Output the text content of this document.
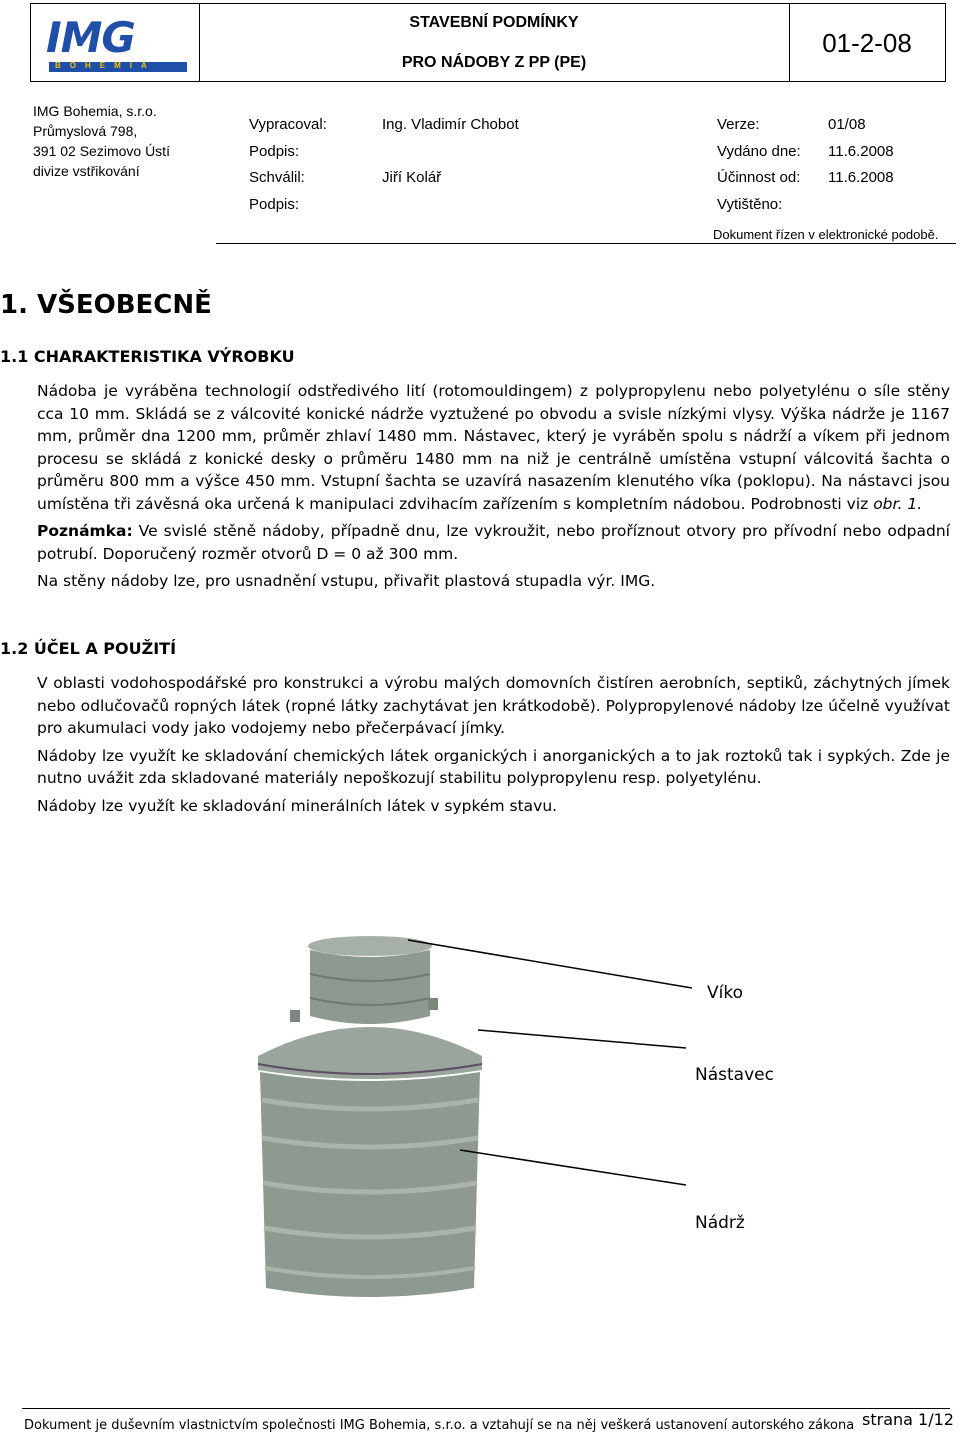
IMG
BOHEMIA
STAVEBNÍ PODMÍNKY
PRO NÁDOBY Z PP (PE)
01-2-08
IMG Bohemia, s.r.o.
Průmyslová 798,
391 02 Sezimovo Ústí
divize vstřikování
Vypracoval:
Podpis:
Schválil:
Podpis:
Ing. Vladimír Chobot

Jiří Kolář
Verze:
Vydáno dne:
Účinnost od:
Vytištěno:
01/08
11.6.2008
11.6.2008
Dokument řízen v elektronické podobě.
1. VŠEOBECNĚ
1.1 CHARAKTERISTIKA VÝROBKU

Nádoba je vyráběna technologií odstředivého lití (rotomouldingem) z polypropylenu nebo polyetylénu o síle stěny cca 10 mm. Skládá se z válcovité konické nádrže vyztužené po obvodu a svisle nízkými vlysy. Výška nádrže je 1167 mm, průměr dna 1200 mm, průměr zhlaví 1480 mm. Nástavec, který je vyráběn spolu s nádrží a víkem při jednom procesu se skládá z konické desky o průměru 1480 mm na niž je centrálně umístěna vstupní válcovitá šachta o průměru 800 mm a výšce 450 mm. Vstupní šachta se uzavírá nasazením klenutého víka (poklopu). Na nástavci jsou umístěna tři závěsná oka určená k manipulaci zdvihacím zařízením s kompletním nádobou. Podrobnosti viz obr. 1.

Poznámka: Ve svislé stěně nádoby, případně dnu, lze vykroužit, nebo proříznout otvory pro přívodní nebo odpadní potrubí. Doporučený rozměr otvorů D = 0 až 300 mm.

Na stěny nádoby lze, pro usnadnění vstupu, přivařit plastová stupadla výr. IMG.

1.2 ÚČEL A POUŽITÍ

V oblasti vodohospodářské pro konstrukci a výrobu malých domovních čistíren aerobních, septiků, záchytných jímek nebo odlučovačů ropných látek (ropné látky zachytávat jen krátkodobě). Polypropylenové nádoby lze účelně využívat pro akumulaci vody jako vodojemy nebo přečerpávací jímky.

Nádoby lze využít ke skladování chemických látek organických i anorganických a to jak roztoků tak i sypkých. Zde je nutno uvážit zda skladované materiály nepoškozují stabilitu polypropylenu resp. polyetylénu.

Nádoby lze využít ke skladování minerálních látek v sypkém stavu.

Víko
Nástavec
Nádrž
Dokument je duševním vlastnictvím společnosti IMG Bohemia, s.r.o. a vztahují se na něj veškerá ustanovení autorského zákona strana 1/12
